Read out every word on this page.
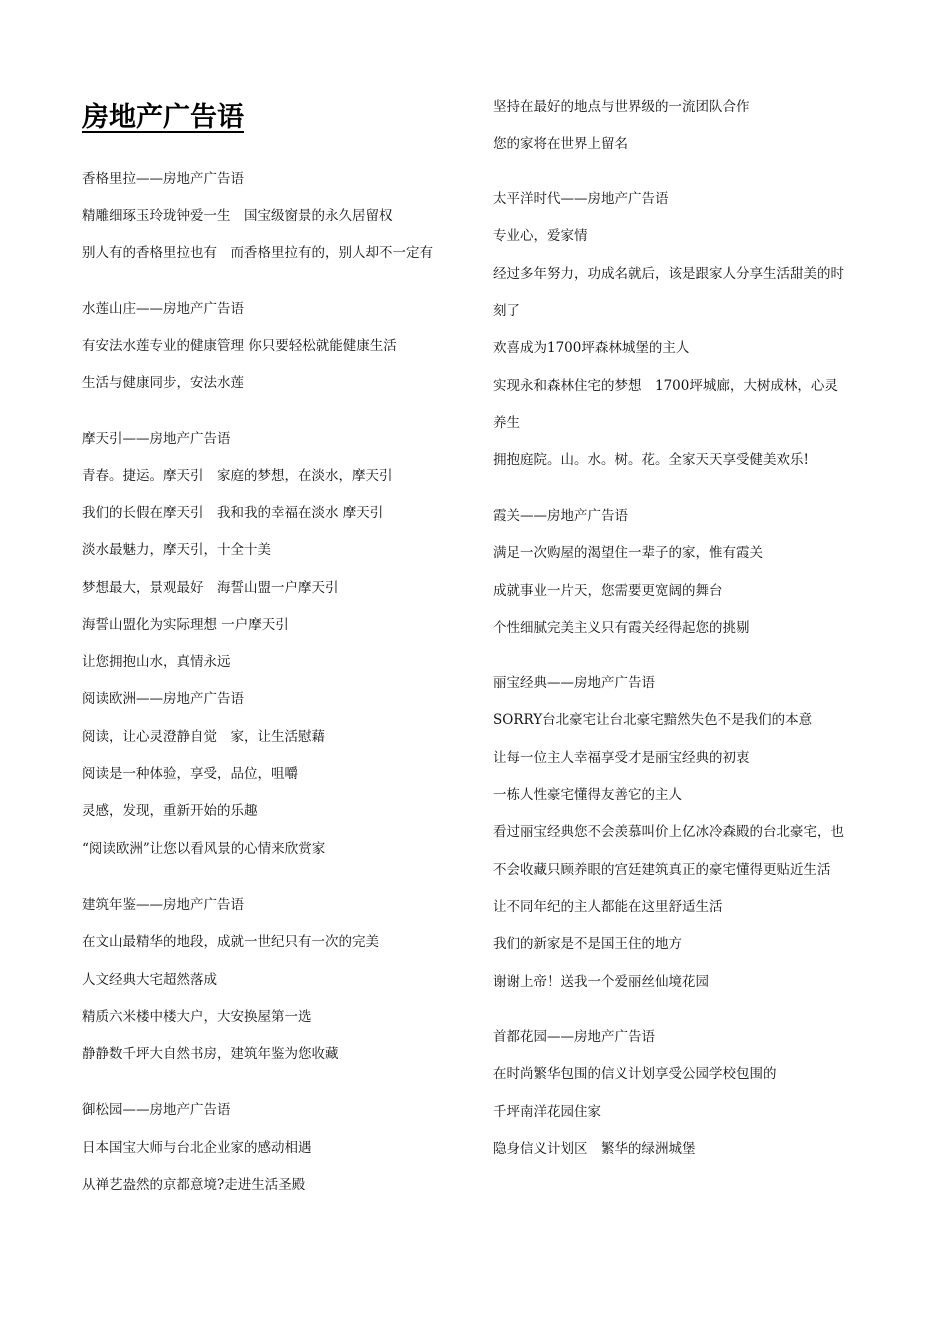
房地产广告语
香格里拉——房地产广告语
精雕细琢玉玲珑钟爱一生　国宝级窗景的永久居留权
别人有的香格里拉也有　而香格里拉有的，别人却不一定有
水莲山庄——房地产广告语
有安法水莲专业的健康管理 你只要轻松就能健康生活
生活与健康同步，安法水莲
摩天引——房地产广告语
青春。捷运。摩天引　家庭的梦想，在淡水，摩天引
我们的长假在摩天引　我和我的幸福在淡水 摩天引
淡水最魅力，摩天引，十全十美
梦想最大，景观最好　海誓山盟一户摩天引
海誓山盟化为实际理想 一户摩天引
让您拥抱山水，真情永远
阅读欧洲——房地产广告语
阅读，让心灵澄静自觉　家，让生活慰藉
阅读是一种体验，享受，品位，咀嚼
灵感，发现，重新开始的乐趣
“阅读欧洲”让您以看风景的心情来欣赏家
建筑年鉴——房地产广告语
在文山最精华的地段，成就一世纪只有一次的完美
人文经典大宅超然落成
精质六米楼中楼大户，大安换屋第一选
静静数千坪大自然书房，建筑年鉴为您收藏
御松园——房地产广告语
日本国宝大师与台北企业家的感动相遇
从禅艺盎然的京都意境?走进生活圣殿
坚持在最好的地点与世界级的一流团队合作
您的家将在世界上留名
太平洋时代——房地产广告语
专业心，爱家情
经过多年努力，功成名就后，该是跟家人分享生活甜美的时
刻了
欢喜成为1700坪森林城堡的主人
实现永和森林住宅的梦想　1700坪城廊，大树成林，心灵
养生
拥抱庭院。山。水。树。花。全家天天享受健美欢乐!
霞关——房地产广告语
满足一次购屋的渴望住一辈子的家，惟有霞关
成就事业一片天，您需要更宽阔的舞台
个性细腻完美主义只有霞关经得起您的挑剔
丽宝经典——房地产广告语
SORRY台北豪宅让台北豪宅黯然失色不是我们的本意
让每一位主人幸福享受才是丽宝经典的初衷
一栋人性豪宅懂得友善它的主人
看过丽宝经典您不会羡慕叫价上亿冰冷森殿的台北豪宅，也
不会收藏只顾养眼的宫廷建筑真正的豪宅懂得更贴近生活
让不同年纪的主人都能在这里舒适生活
我们的新家是不是国王住的地方
谢谢上帝！送我一个爱丽丝仙境花园
首都花园——房地产广告语
在时尚繁华包围的信义计划享受公园学校包围的
千坪南洋花园住家
隐身信义计划区　繁华的绿洲城堡
